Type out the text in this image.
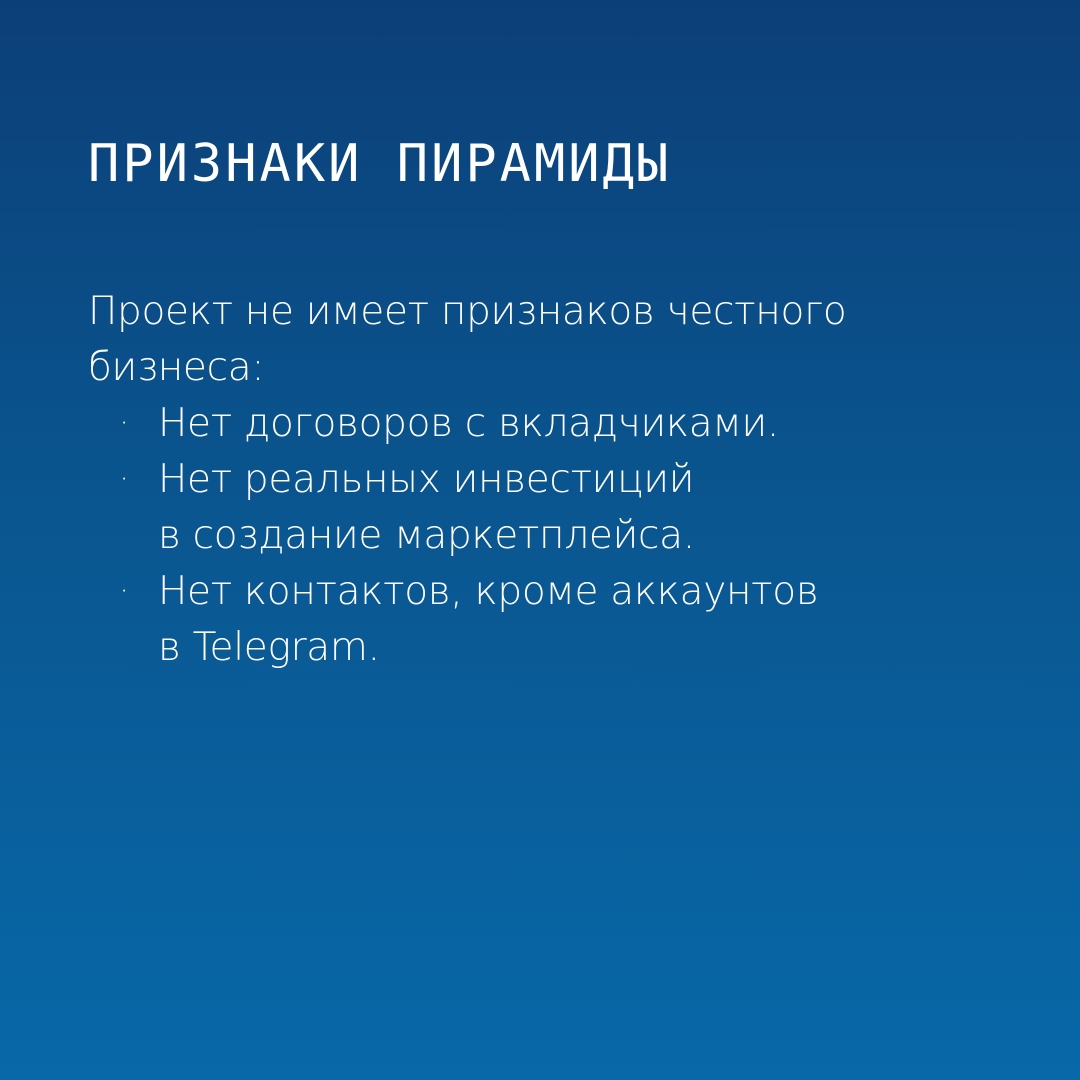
ПРИЗНАКИ ПИРАМИДЫ

Проект не имеет признаков честного
бизнеса:

· Нет договоров с вкладчиками.
· Нет реальных инвестиций
в создание маркетплейса.
· Нет контактов, кроме аккаунтов
в Telegram.
